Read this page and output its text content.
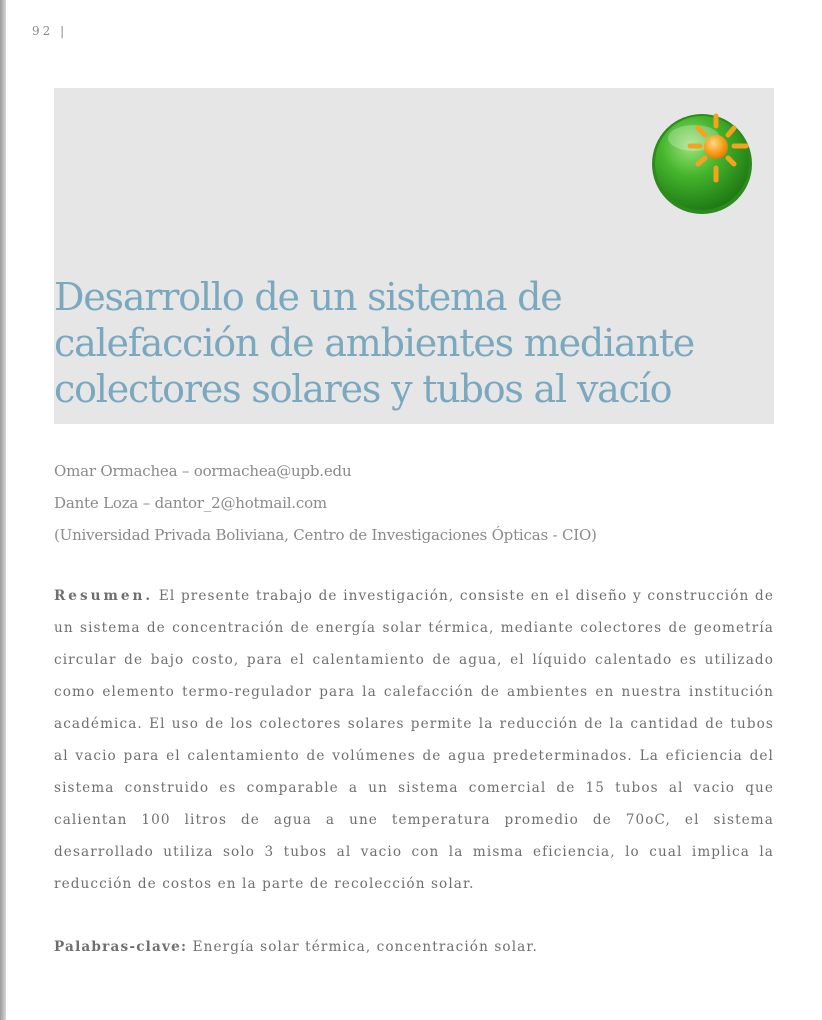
92 |
Desarrollo de un sistema de calefacción de ambientes mediante colectores solares y tubos al vacío
Omar Ormachea – oormachea@upb.edu
Dante Loza – dantor_2@hotmail.com
(Universidad Privada Boliviana, Centro de Investigaciones Ópticas - CIO)

Resumen. El presente trabajo de investigación, consiste en el diseño y construcción de un sistema de concentración de energía solar térmica, mediante colectores de geometría circular de bajo costo, para el calentamiento de agua, el líquido calentado es utilizado como elemento termo-regulador para la calefacción de ambientes en nuestra institución académica. El uso de los colectores solares permite la reducción de la cantidad de tubos al vacio para el calentamiento de volúmenes de agua predeterminados. La eficiencia del sistema construido es comparable a un sistema comercial de 15 tubos al vacio que calientan 100 litros de agua a une temperatura promedio de 70oC, el sistema desarrollado utiliza solo 3 tubos al vacio con la misma eficiencia, lo cual implica la reducción de costos en la parte de recolección solar.

Palabras-clave: Energía solar térmica, concentración solar.
